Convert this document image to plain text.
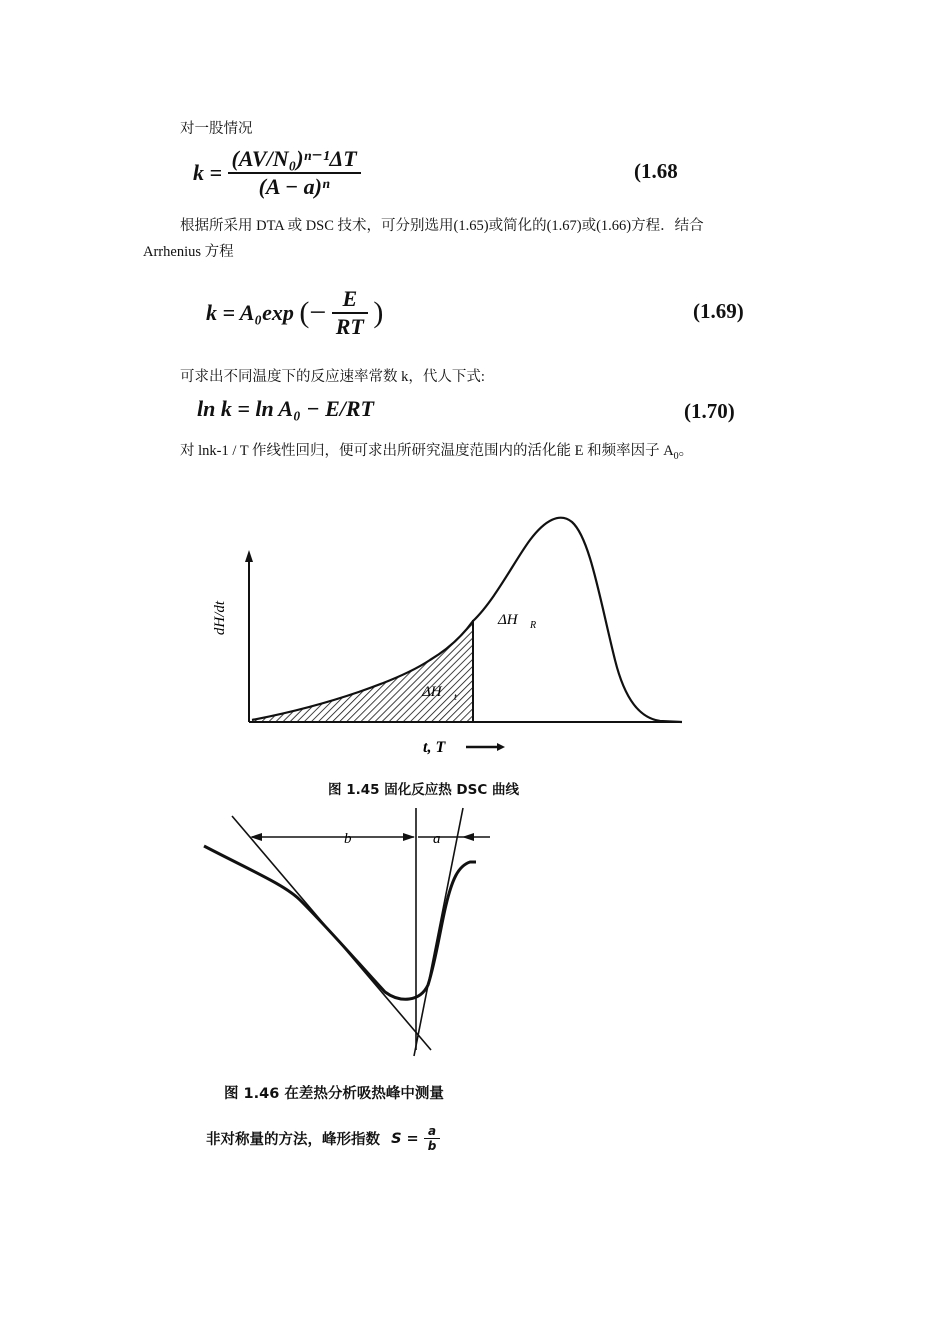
对一股情况
$k = \frac{\text{(AV/N₀)ⁿ⁻¹ΔT}}{\text{(A − a)ⁿ}}$	(1.68
根据所采用 DTA 或 DSC 技术，可分别选用(1.65)或简化的(1.67)或(1.66)方程．结合
Arrhenius 方程
k = A₀exp (− $\frac{E}{RT}$ )	(1.69)
可求出不同温度下的反应速率常数 k，代人下式:
ln k = ln A₀ − E/RT	(1.70)
对 lnk-1 / T 作线性回归，便可求出所研究温度范围内的活化能 E 和频率因子 $A_0$。
dH/dt	ΔH R
ΔH t
t, T
图 1.45 固化反应热 DSC 曲线
b	a
图 1.46 在差热分析吸热峰中测量
非对称量的方法，峰形指数 $S = \frac{a}{b}$
